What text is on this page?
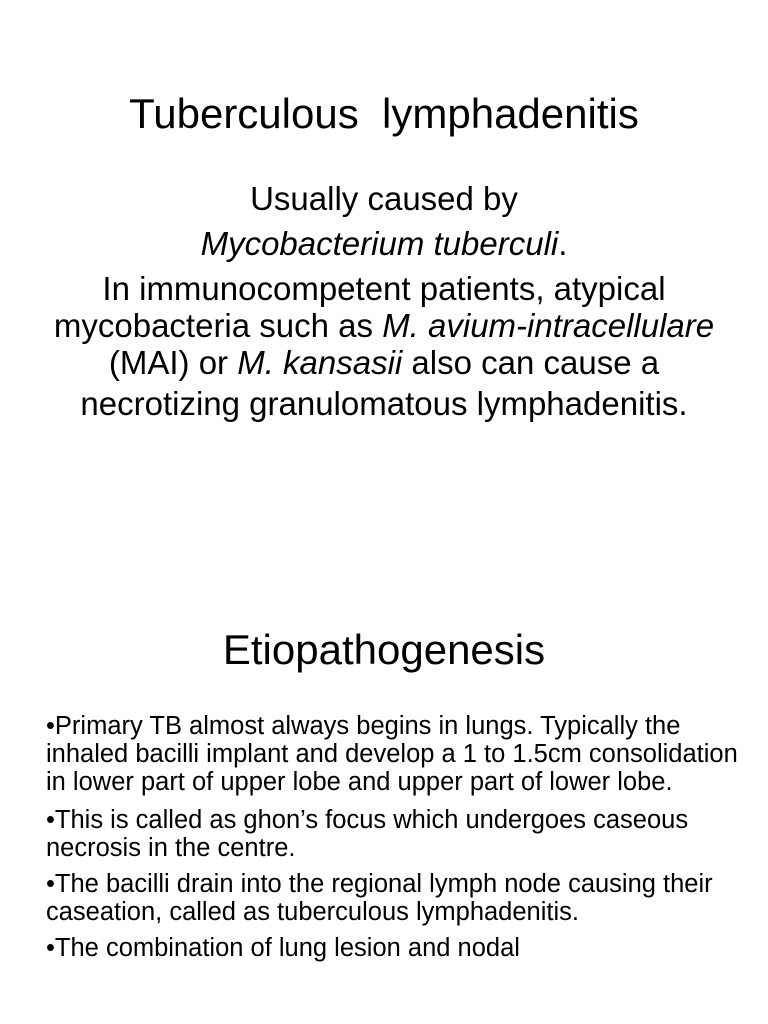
Tuberculous  lymphadenitis

Usually caused by

Mycobacterium tuberculi.

In immunocompetent patients, atypical mycobacteria such as M. avium-intracellulare (MAI) or M. kansasii also can cause a

necrotizing granulomatous lymphadenitis.

Etiopathogenesis

•Primary TB almost always begins in lungs. Typically the inhaled bacilli implant and develop a 1 to 1.5cm consolidation in lower part of upper lobe and upper part of lower lobe.

•This is called as ghon’s focus which undergoes caseous necrosis in the centre.

•The bacilli drain into the regional lymph node causing their caseation, called as tuberculous lymphadenitis.

•The combination of lung lesion and nodal
